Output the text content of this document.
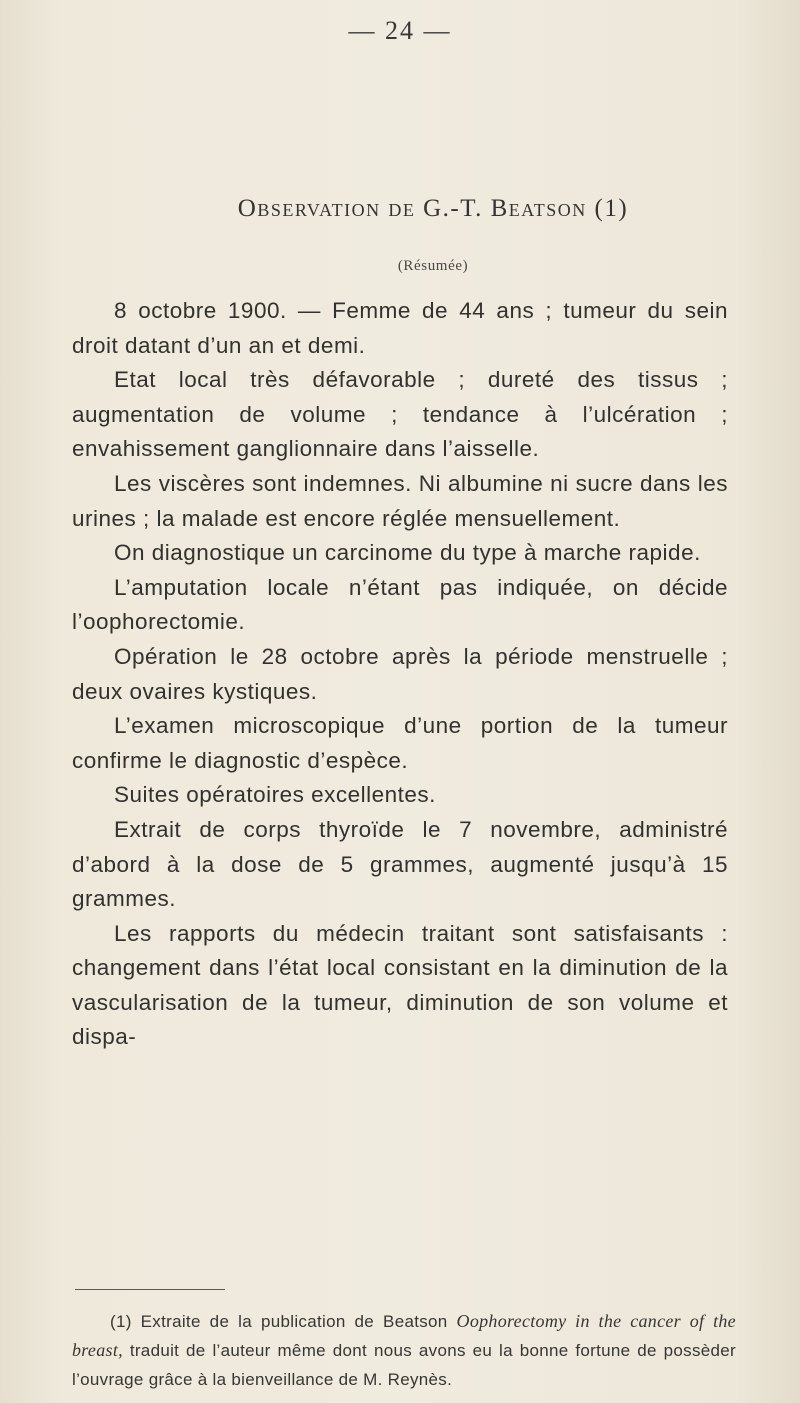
— 24 —
Observation de G.-T. Beatson (1)
(Résumée)

8 octobre 1900. — Femme de 44 ans ; tumeur du sein droit datant d’un an et demi.

Etat local très défavorable ; dureté des tissus ; augmentation de volume ; tendance à l’ulcération ; envahissement ganglionnaire dans l’aisselle.

Les viscères sont indemnes. Ni albumine ni sucre dans les urines ; la malade est encore réglée mensuellement.

On diagnostique un carcinome du type à marche rapide.

L’amputation locale n’étant pas indiquée, on décide l’oophorectomie.

Opération le 28 octobre après la période menstruelle ; deux ovaires kystiques.

L’examen microscopique d’une portion de la tumeur confirme le diagnostic d’espèce.

Suites opératoires excellentes.

Extrait de corps thyroïde le 7 novembre, administré d’abord à la dose de 5 grammes, augmenté jusqu’à 15 grammes.

Les rapports du médecin traitant sont satisfaisants : changement dans l’état local consistant en la diminution de la vascularisation de la tumeur, diminution de son volume et dispa-

(1) Extraite de la publication de Beatson Oophorectomy in the cancer of the breast, traduit de l’auteur même dont nous avons eu la bonne fortune de possèder l’ouvrage grâce à la bienveillance de M. Reynès.
